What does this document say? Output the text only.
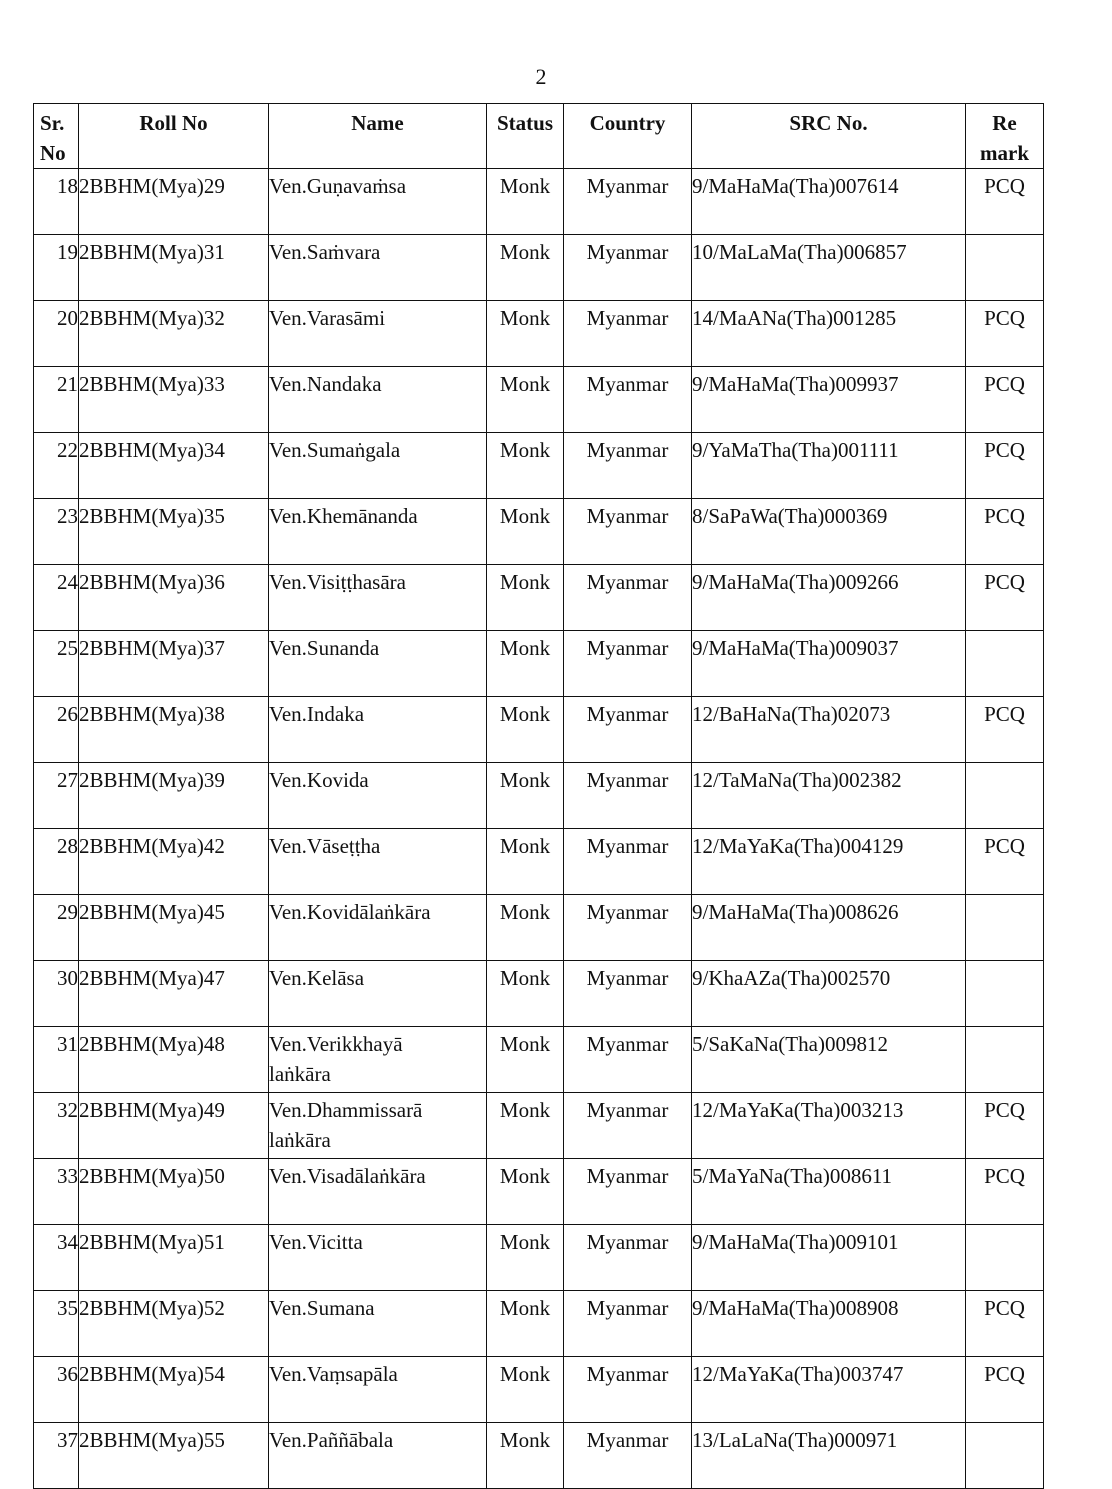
2
Sr.
No	Roll No	Name	Status	Country	SRC No.	Re
mark
18	2BBHM(Mya)29	Ven.Guṇavaṁsa	Monk	Myanmar	9/MaHaMa(Tha)007614	PCQ
19	2BBHM(Mya)31	Ven.Saṁvara	Monk	Myanmar	10/MaLaMa(Tha)006857	
20	2BBHM(Mya)32	Ven.Varasāmi	Monk	Myanmar	14/MaANa(Tha)001285	PCQ
21	2BBHM(Mya)33	Ven.Nandaka	Monk	Myanmar	9/MaHaMa(Tha)009937	PCQ
22	2BBHM(Mya)34	Ven.Sumaṅgala	Monk	Myanmar	9/YaMaTha(Tha)001111	PCQ
23	2BBHM(Mya)35	Ven.Khemānanda	Monk	Myanmar	8/SaPaWa(Tha)000369	PCQ
24	2BBHM(Mya)36	Ven.Visiṭṭhasāra	Monk	Myanmar	9/MaHaMa(Tha)009266	PCQ
25	2BBHM(Mya)37	Ven.Sunanda	Monk	Myanmar	9/MaHaMa(Tha)009037	
26	2BBHM(Mya)38	Ven.Indaka	Monk	Myanmar	12/BaHaNa(Tha)02073	PCQ
27	2BBHM(Mya)39	Ven.Kovida	Monk	Myanmar	12/TaMaNa(Tha)002382	
28	2BBHM(Mya)42	Ven.Vāseṭṭha	Monk	Myanmar	12/MaYaKa(Tha)004129	PCQ
29	2BBHM(Mya)45	Ven.Kovidālaṅkāra	Monk	Myanmar	9/MaHaMa(Tha)008626	
30	2BBHM(Mya)47	Ven.Kelāsa	Monk	Myanmar	9/KhaAZa(Tha)002570	
31	2BBHM(Mya)48	Ven.Verikkhayā
laṅkāra	Monk	Myanmar	5/SaKaNa(Tha)009812	
32	2BBHM(Mya)49	Ven.Dhammissarā
laṅkāra	Monk	Myanmar	12/MaYaKa(Tha)003213	PCQ
33	2BBHM(Mya)50	Ven.Visadālaṅkāra	Monk	Myanmar	5/MaYaNa(Tha)008611	PCQ
34	2BBHM(Mya)51	Ven.Vicitta	Monk	Myanmar	9/MaHaMa(Tha)009101	
35	2BBHM(Mya)52	Ven.Sumana	Monk	Myanmar	9/MaHaMa(Tha)008908	PCQ
36	2BBHM(Mya)54	Ven.Vaṃsapāla	Monk	Myanmar	12/MaYaKa(Tha)003747	PCQ
37	2BBHM(Mya)55	Ven.Paññābala	Monk	Myanmar	13/LaLaNa(Tha)000971	
